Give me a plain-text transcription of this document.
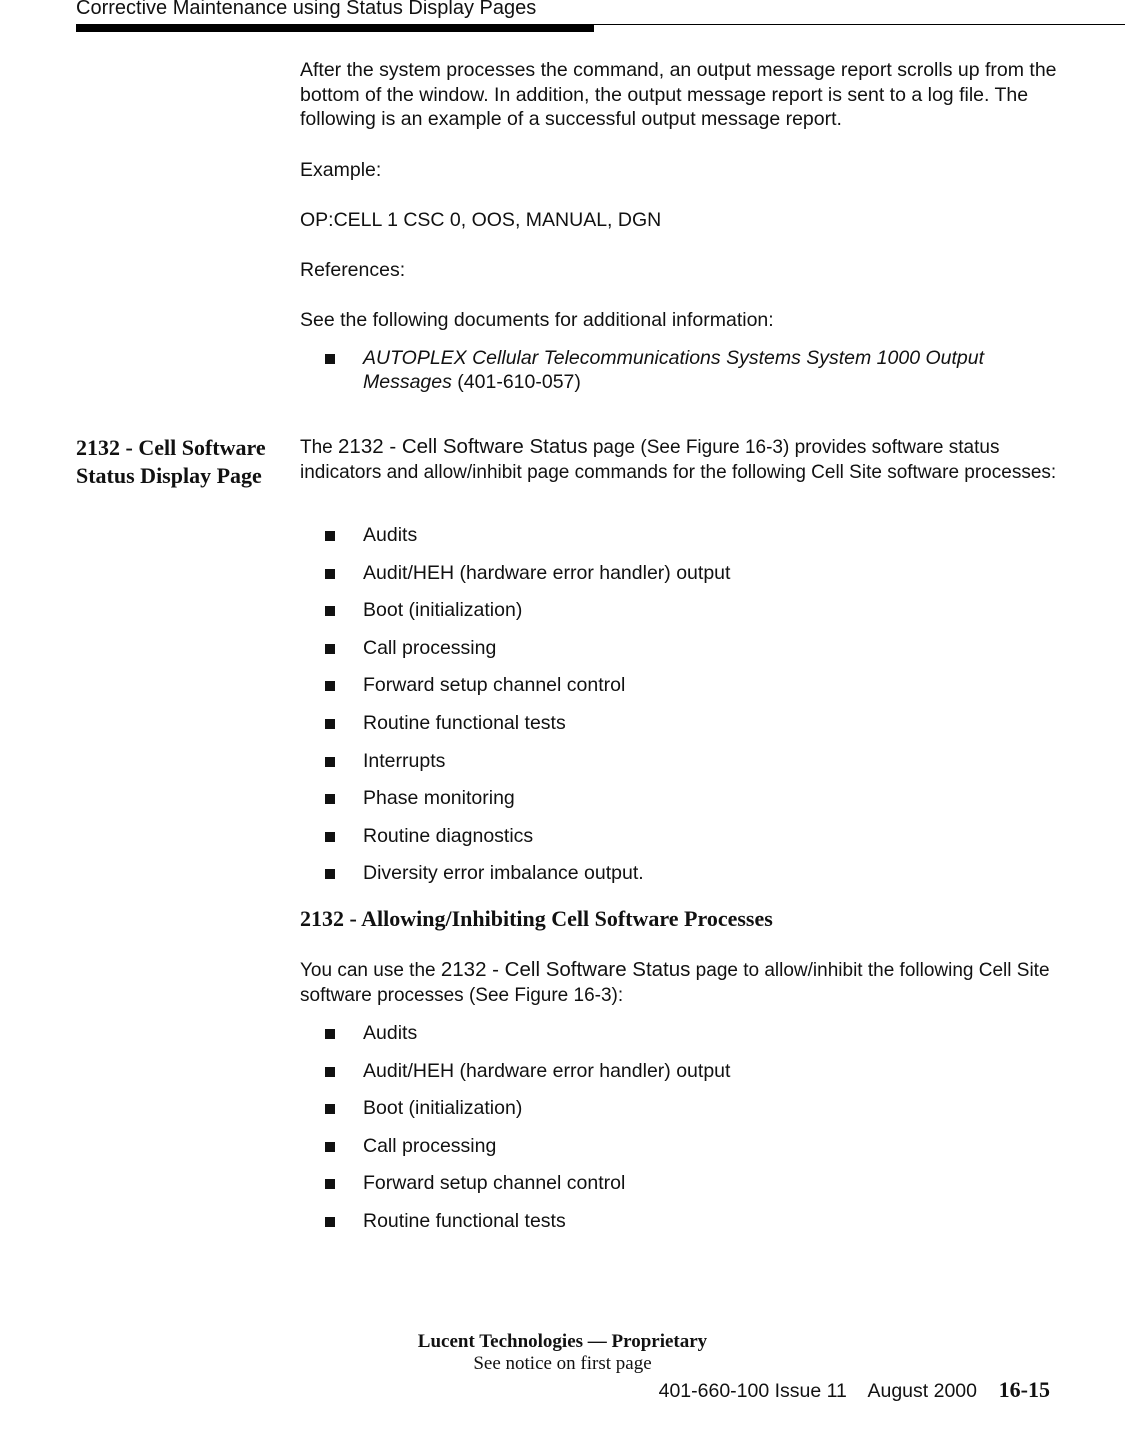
Corrective Maintenance using Status Display Pages

After the system processes the command, an output message report scrolls up from the bottom of the window. In addition, the output message report is sent to a log file. The following is an example of a successful output message report.

Example:

OP:CELL 1 CSC 0, OOS, MANUAL, DGN

References:

See the following documents for additional information:

AUTOPLEX Cellular Telecommunications Systems System 1000 Output Messages (401-610-057)
2132 - Cell Software Status Display Page

The 2132 - Cell Software Status page (See Figure 16-3) provides software status indicators and allow/inhibit page commands for the following Cell Site software processes:

Audits
Audit/HEH (hardware error handler) output
Boot (initialization)
Call processing
Forward setup channel control
Routine functional tests
Interrupts
Phase monitoring
Routine diagnostics
Diversity error imbalance output.
2132 - Allowing/Inhibiting Cell Software Processes

You can use the 2132 - Cell Software Status page to allow/inhibit the following Cell Site software processes (See Figure 16-3):

Audits
Audit/HEH (hardware error handler) output
Boot (initialization)
Call processing
Forward setup channel control
Routine functional tests
Lucent Technologies — Proprietary
See notice on first page
401-660-100 Issue 11    August 2000 16-15
